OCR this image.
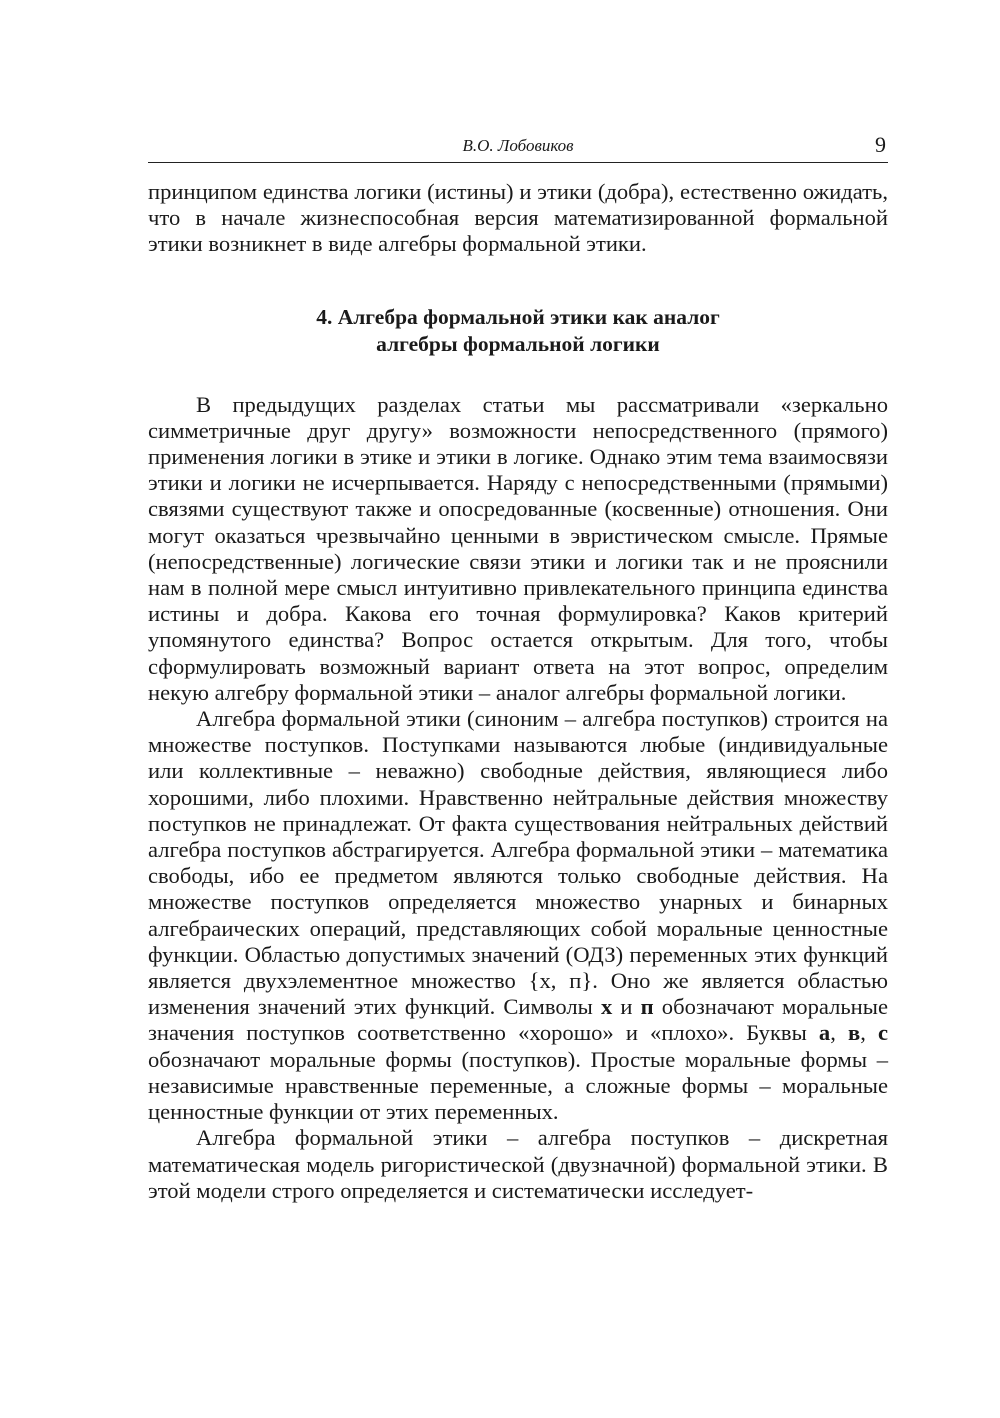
В.О. Лобовиков	9

принципом единства логики (истины) и этики (добра), естественно ожидать, что в начале жизнеспособная версия математизированной формальной этики возникнет в виде алгебры формальной этики.

4. Алгебра формальной этики как аналог
алгебры формальной логики

В предыдущих разделах статьи мы рассматривали «зеркально симметричные друг другу» возможности непосредственного (прямого) применения логики в этике и этики в логике. Однако этим тема взаимосвязи этики и логики не исчерпывается. Наряду с непосредственными (прямыми) связями существуют также и опосредованные (косвенные) отношения. Они могут оказаться чрезвычайно ценными в эвристическом смысле. Прямые (непосредственные) логические связи этики и логики так и не прояснили нам в полной мере смысл интуитивно привлекательного принципа единства истины и добра. Какова его точная формулировка? Каков критерий упомянутого единства? Вопрос остается открытым. Для того, чтобы сформулировать возможный вариант ответа на этот вопрос, определим некую алгебру формальной этики – аналог алгебры формальной логики.

Алгебра формальной этики (синоним – алгебра поступков) строится на множестве поступков. Поступками называются любые (индивидуальные или коллективные – неважно) свободные действия, являющиеся либо хорошими, либо плохими. Нравственно нейтральные действия множеству поступков не принадлежат. От факта существования нейтральных действий алгебра поступков абстрагируется. Алгебра формальной этики – математика свободы, ибо ее предметом являются только свободные действия. На множестве поступков определяется множество унарных и бинарных алгебраических операций, представляющих собой моральные ценностные функции. Областью допустимых значений (ОДЗ) переменных этих функций является двухэлементное множество {х, п}. Оно же является областью изменения значений этих функций. Символы х и п обозначают моральные значения поступков соответственно «хорошо» и «плохо». Буквы а, в, с обозначают моральные формы (поступков). Простые моральные формы – независимые нравственные переменные, а сложные формы – моральные ценностные функции от этих переменных.

Алгебра формальной этики – алгебра поступков – дискретная математическая модель ригористической (двузначной) формальной этики. В этой модели строго определяется и систематически исследует-
